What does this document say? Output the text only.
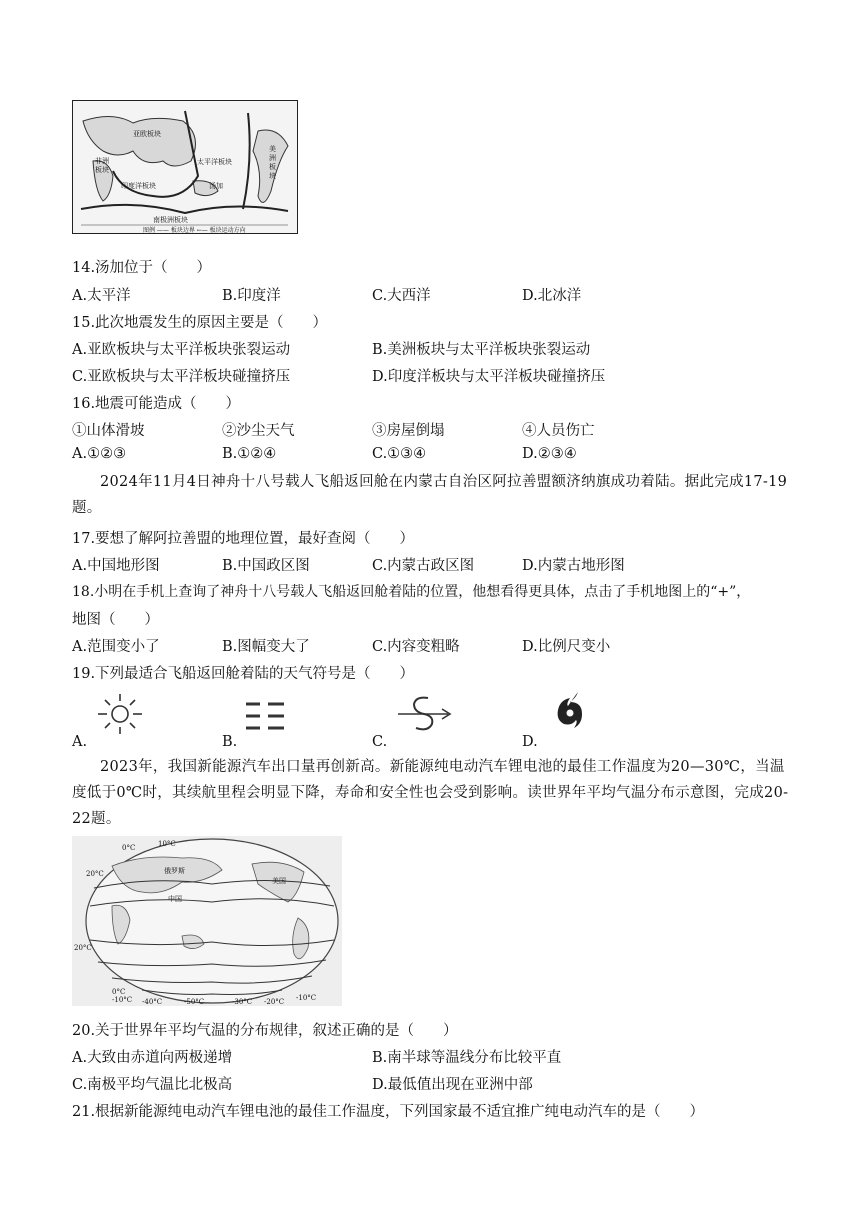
亚欧板块
非洲板块
太平洋板块
美洲板块
印度洋板块	汤加
南极洲板块
图例 —— 板块边界 ←— 板块运动方向
14.汤加位于（　　）
A.太平洋	B.印度洋	C.大西洋	D.北冰洋
15.此次地震发生的原因主要是（　　）
A.亚欧板块与太平洋板块张裂运动	B.美洲板块与太平洋板块张裂运动
C.亚欧板块与太平洋板块碰撞挤压	D.印度洋板块与太平洋板块碰撞挤压
16.地震可能造成（　　）
①山体滑坡	②沙尘天气	③房屋倒塌	④人员伤亡
A.①②③	B.①②④	C.①③④	D.②③④
2024年11月4日神舟十八号载人飞船返回舱在内蒙古自治区阿拉善盟额济纳旗成功着陆。据此完成17-19题。
17.要想了解阿拉善盟的地理位置，最好查阅（　　）
A.中国地形图	B.中国政区图	C.内蒙古政区图	D.内蒙古地形图
18.小明在手机上查询了神舟十八号载人飞船返回舱着陆的位置，他想看得更具体，点击了手机地图上的“+”，
地图（　　）
A.范围变小了	B.图幅变大了	C.内容变粗略	D.比例尺变小
19.下列最适合飞船返回舱着陆的天气符号是（　　）
A.	B.	C.	D.
2023年，我国新能源汽车出口量再创新高。新能源纯电动汽车锂电池的最佳工作温度为20—30℃，当温度低于0℃时，其续航里程会明显下降，寿命和安全性也会受到影响。读世界年平均气温分布示意图，完成20-22题。
0°C	10°C
20°C
20°C
俄罗斯
美国
中国
0°C
-10°C -40°C	-50°C	-30°C -20°C -10°C
20.关于世界年平均气温的分布规律，叙述正确的是（　　）
A.大致由赤道向两极递增	B.南半球等温线分布比较平直
C.南极平均气温比北极高	D.最低值出现在亚洲中部
21.根据新能源纯电动汽车锂电池的最佳工作温度，下列国家最不适宜推广纯电动汽车的是（　　）
